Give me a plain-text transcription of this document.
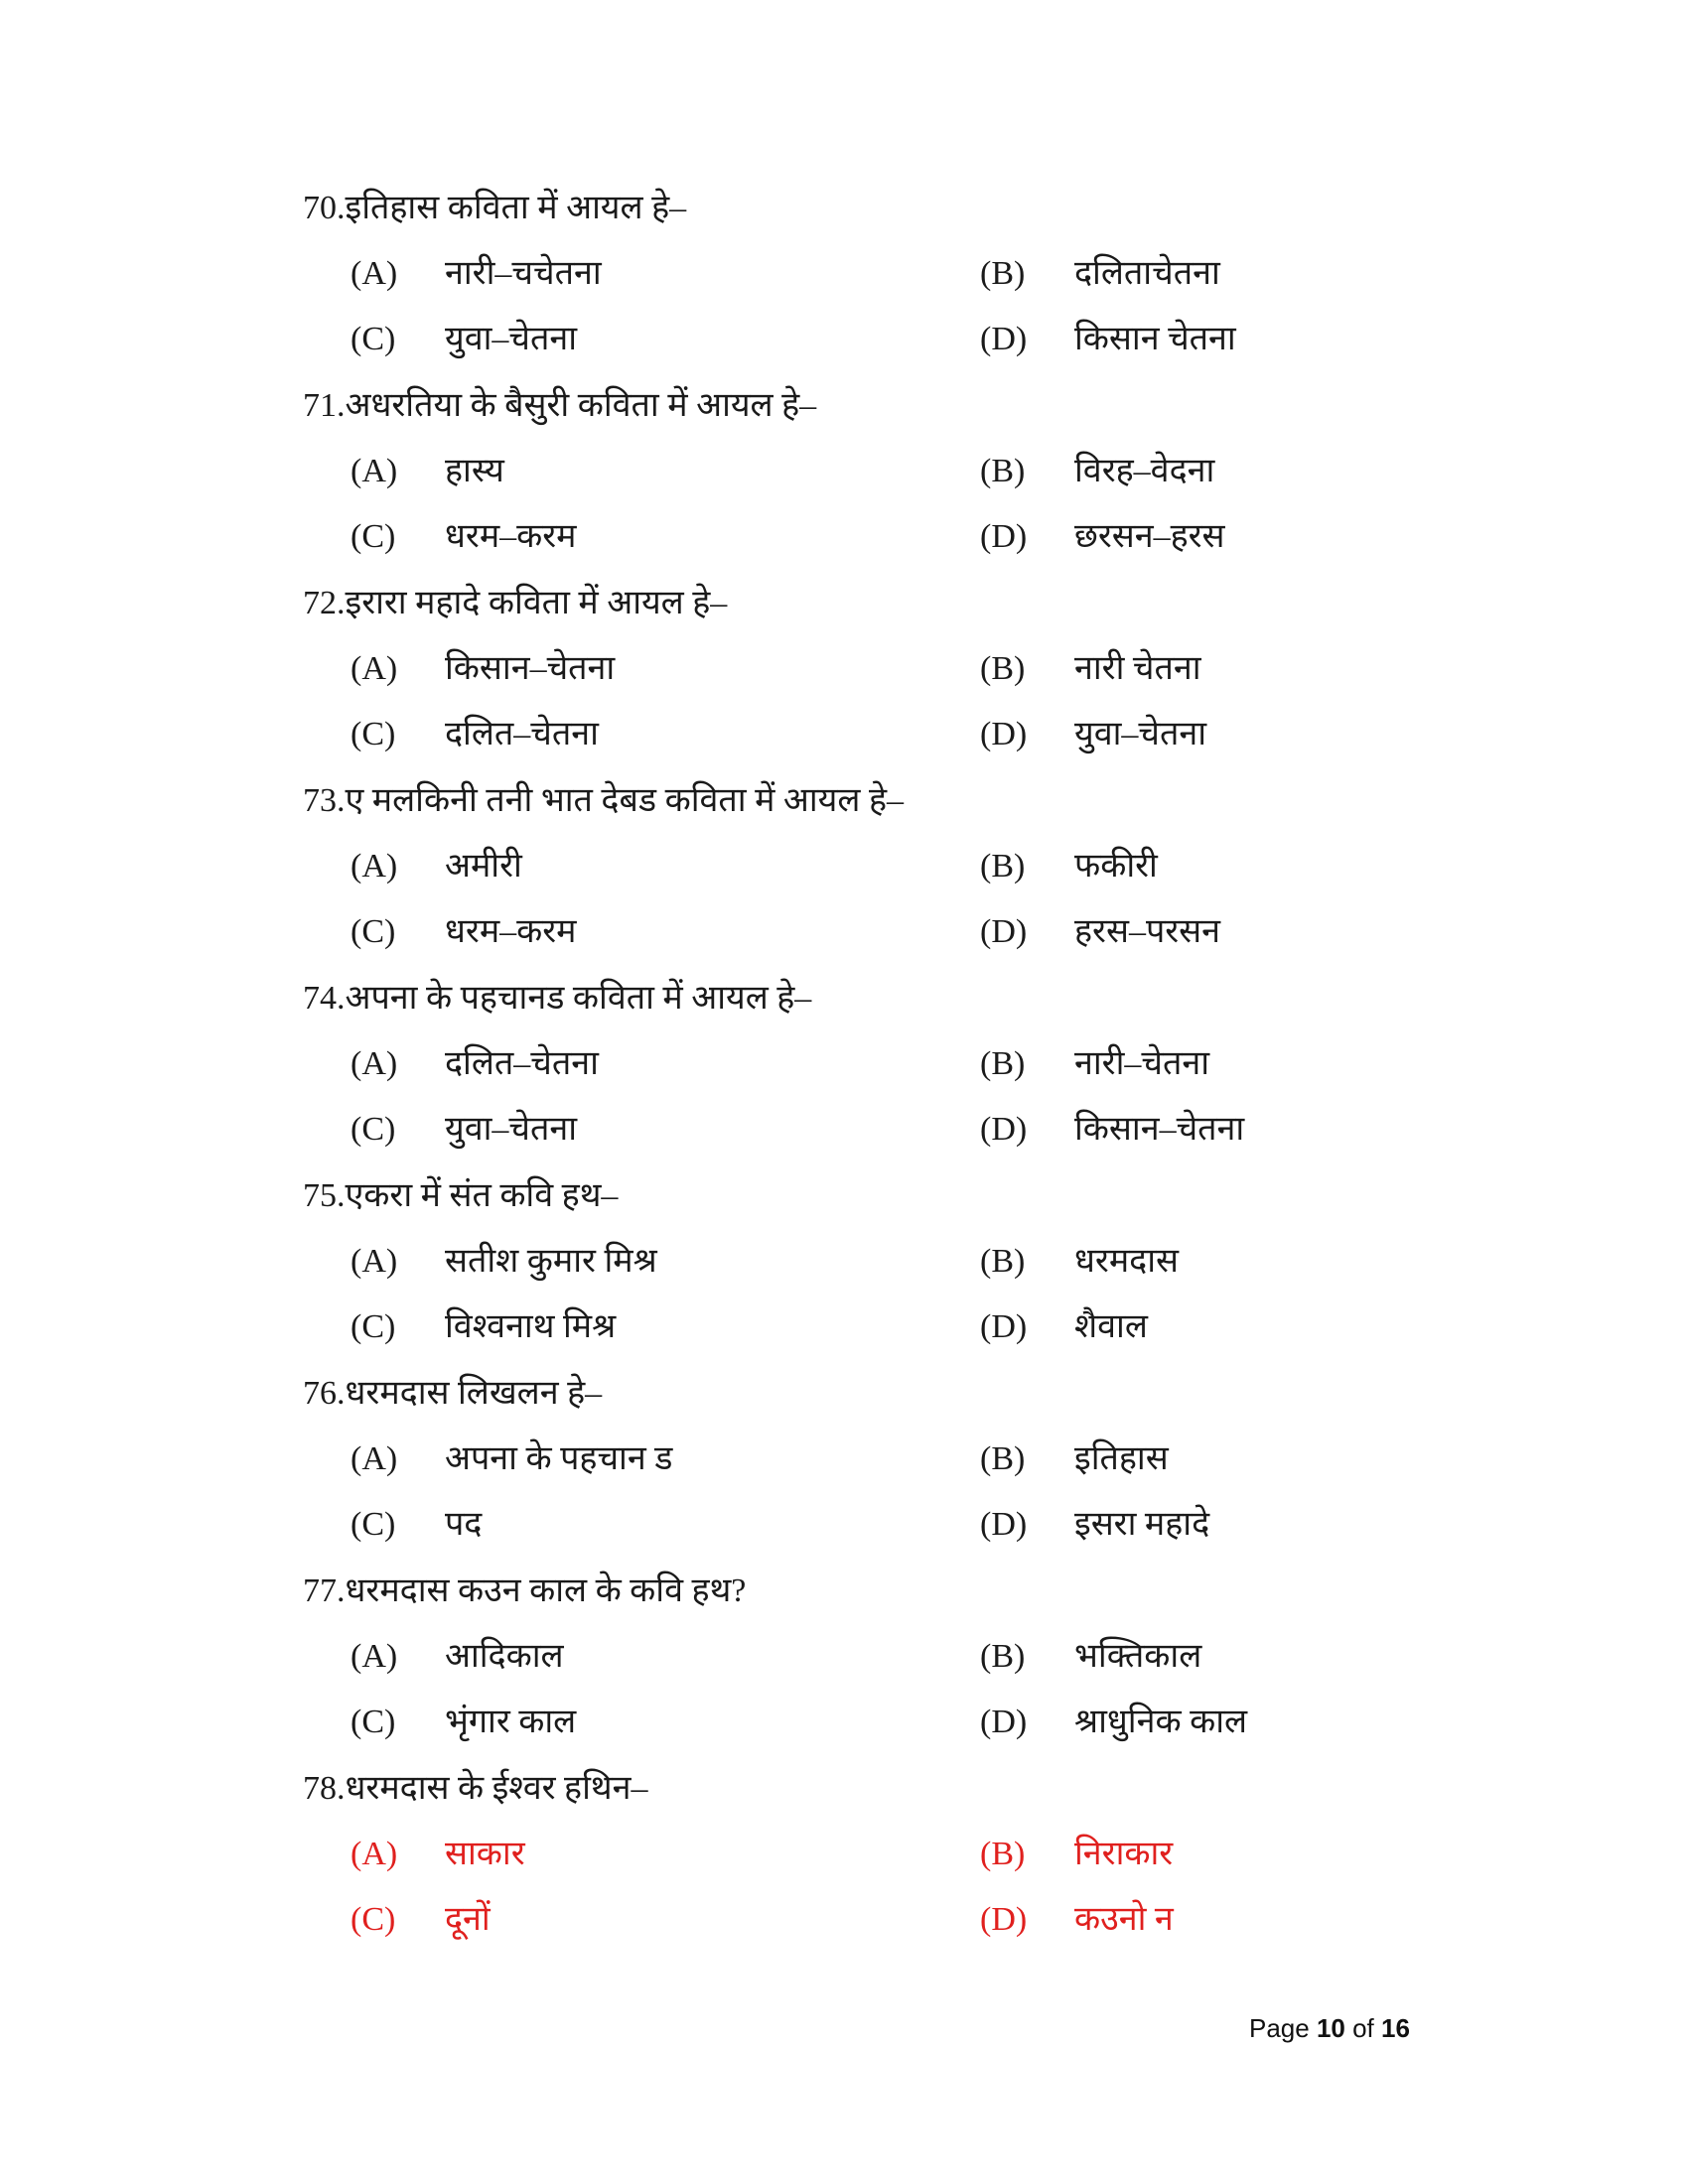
70.इतिहास कविता में आयल हे–
(A) नारी–चचेतना	(B) दलिताचेतना
(C) युवा–चेतना	(D) किसान चेतना
71.अधरतिया के बैसुरी कविता में आयल हे–
(A) हास्य	(B) विरह–वेदना
(C) धरम–करम	(D) छरसन–हरस
72.इरारा महादे कविता में आयल हे–
(A) किसान–चेतना	(B) नारी चेतना
(C) दलित–चेतना	(D) युवा–चेतना
73.ए मलकिनी तनी भात देबड कविता में आयल हे–
(A) अमीरी	(B) फकीरी
(C) धरम–करम	(D) हरस–परसन
74.अपना के पहचानड कविता में आयल हे–
(A) दलित–चेतना	(B) नारी–चेतना
(C) युवा–चेतना	(D) किसान–चेतना
75.एकरा में संत कवि हथ–
(A) सतीश कुमार मिश्र	(B) धरमदास
(C) विश्वनाथ मिश्र	(D) शैवाल
76.धरमदास लिखलन हे–
(A) अपना के पहचान ड	(B) इतिहास
(C) पद	(D) इसरा महादे
77.धरमदास कउन काल के कवि हथ?
(A) आदिकाल	(B) भक्तिकाल
(C) भृंगार काल	(D) श्राधुनिक काल
78.धरमदास के ईश्वर हथिन–
(A) साकार	(B) निराकार
(C) दूनों	(D) कउनो न
Page 10 of 16
